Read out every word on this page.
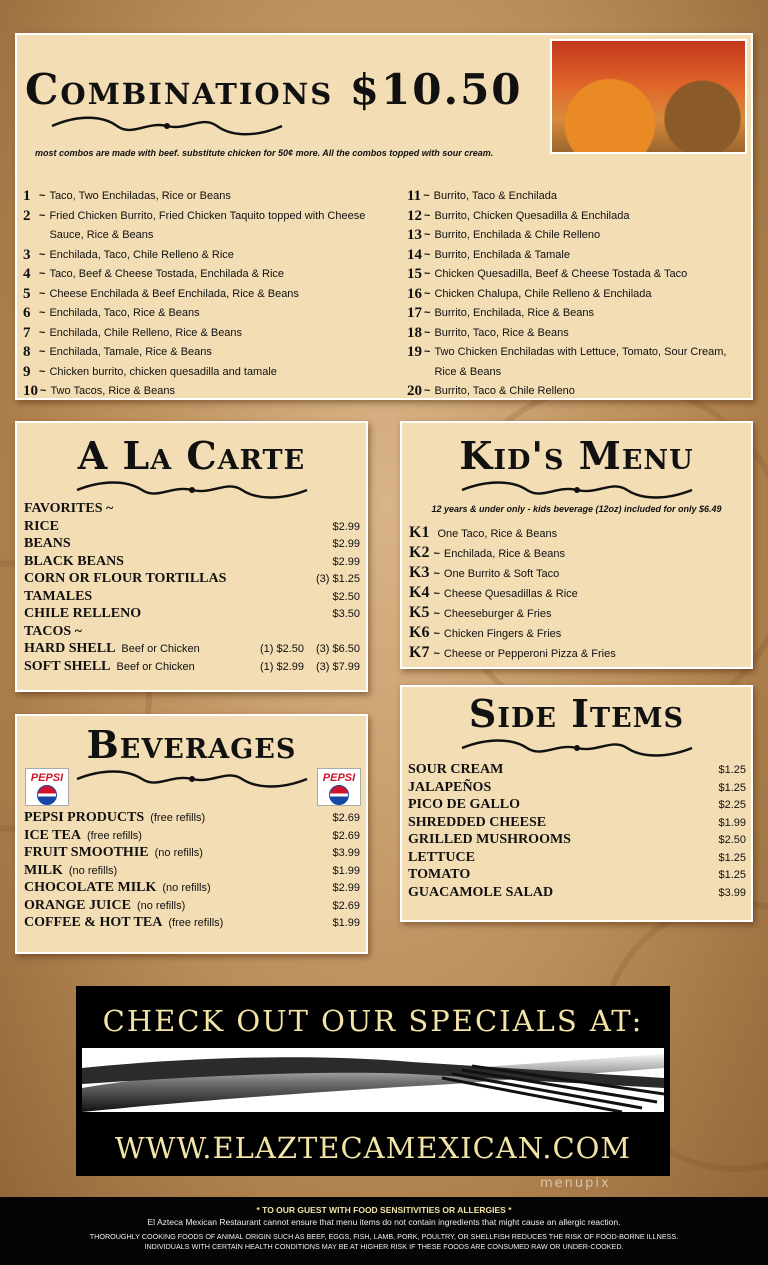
Combinations $10.50
most combos are made with beef. substitute chicken for 50¢ more. All the combos topped with sour cream.
1 ~ Taco, Two Enchiladas, Rice or Beans
2 ~ Fried Chicken Burrito, Fried Chicken Taquito topped with Cheese Sauce, Rice & Beans
3 ~ Enchilada, Taco, Chile Relleno & Rice
4 ~ Taco, Beef & Cheese Tostada, Enchilada & Rice
5 ~ Cheese Enchilada & Beef Enchilada, Rice & Beans
6 ~ Enchilada, Taco, Rice & Beans
7 ~ Enchilada, Chile Relleno, Rice & Beans
8 ~ Enchilada, Tamale, Rice & Beans
9 ~ Chicken burrito, chicken quesadilla and tamale
10 ~ Two Tacos, Rice & Beans
11 ~ Burrito, Taco & Enchilada
12 ~ Burrito, Chicken Quesadilla & Enchilada
13 ~ Burrito, Enchilada & Chile Relleno
14 ~ Burrito, Enchilada & Tamale
15 ~ Chicken Quesadilla, Beef & Cheese Tostada & Taco
16 ~ Chicken Chalupa, Chile Relleno & Enchilada
17 ~ Burrito, Enchilada, Rice & Beans
18 ~ Burrito, Taco, Rice & Beans
19 ~ Two Chicken Enchiladas with Lettuce, Tomato, Sour Cream, Rice & Beans
20 ~ Burrito, Taco & Chile Relleno
A La Carte
FAVORITES ~
RICE	$2.99
BEANS	$2.99
BLACK BEANS	$2.99
CORN OR FLOUR TORTILLAS	(3) $1.25
TAMALES	$2.50
CHILE RELLENO	$3.50
TACOS ~
HARD SHELL Beef or Chicken	(1) $2.50	(3) $6.50
SOFT SHELL Beef or Chicken	(1) $2.99	(3) $7.99
Kid's Menu
12 years & under only - kids beverage (12oz) included for only $6.49
K1 One Taco, Rice & Beans
K2 ~ Enchilada, Rice & Beans
K3 ~ One Burrito & Soft Taco
K4 ~ Cheese Quesadillas & Rice
K5 ~ Cheeseburger & Fries
K6 ~ Chicken Fingers & Fries
K7 ~ Cheese or Pepperoni Pizza & Fries
Beverages
PEPSI	PEPSI
PEPSI PRODUCTS (free refills)	$2.69
ICE TEA (free refills)	$2.69
FRUIT SMOOTHIE (no refills)	$3.99
MILK (no refills)	$1.99
CHOCOLATE MILK (no refills)	$2.99
ORANGE JUICE (no refills)	$2.69
COFFEE & HOT TEA (free refills)	$1.99
Side Items
SOUR CREAM	$1.25
JALAPEÑOS	$1.25
PICO DE GALLO	$2.25
SHREDDED CHEESE	$1.99
GRILLED MUSHROOMS	$2.50
LETTUCE	$1.25
TOMATO	$1.25
GUACAMOLE SALAD	$3.99
CHECK OUT OUR SPECIALS AT:
WWW.ELAZTECAMEXICAN.COM
menupix
* TO OUR GUEST WITH FOOD SENSITIVITIES OR ALLERGIES *
El Azteca Mexican Restaurant cannot ensure that menu items do not contain ingredients that might cause an allergic reaction.
THOROUGHLY COOKING FOODS OF ANIMAL ORIGIN SUCH AS BEEF, EGGS, FISH, LAMB, PORK, POULTRY, OR SHELLFISH REDUCES THE RISK OF FOOD-BORNE ILLNESS.
INDIVIDUALS WITH CERTAIN HEALTH CONDITIONS MAY BE AT HIGHER RISK IF THESE FOODS ARE CONSUMED RAW OR UNDER-COOKED.
